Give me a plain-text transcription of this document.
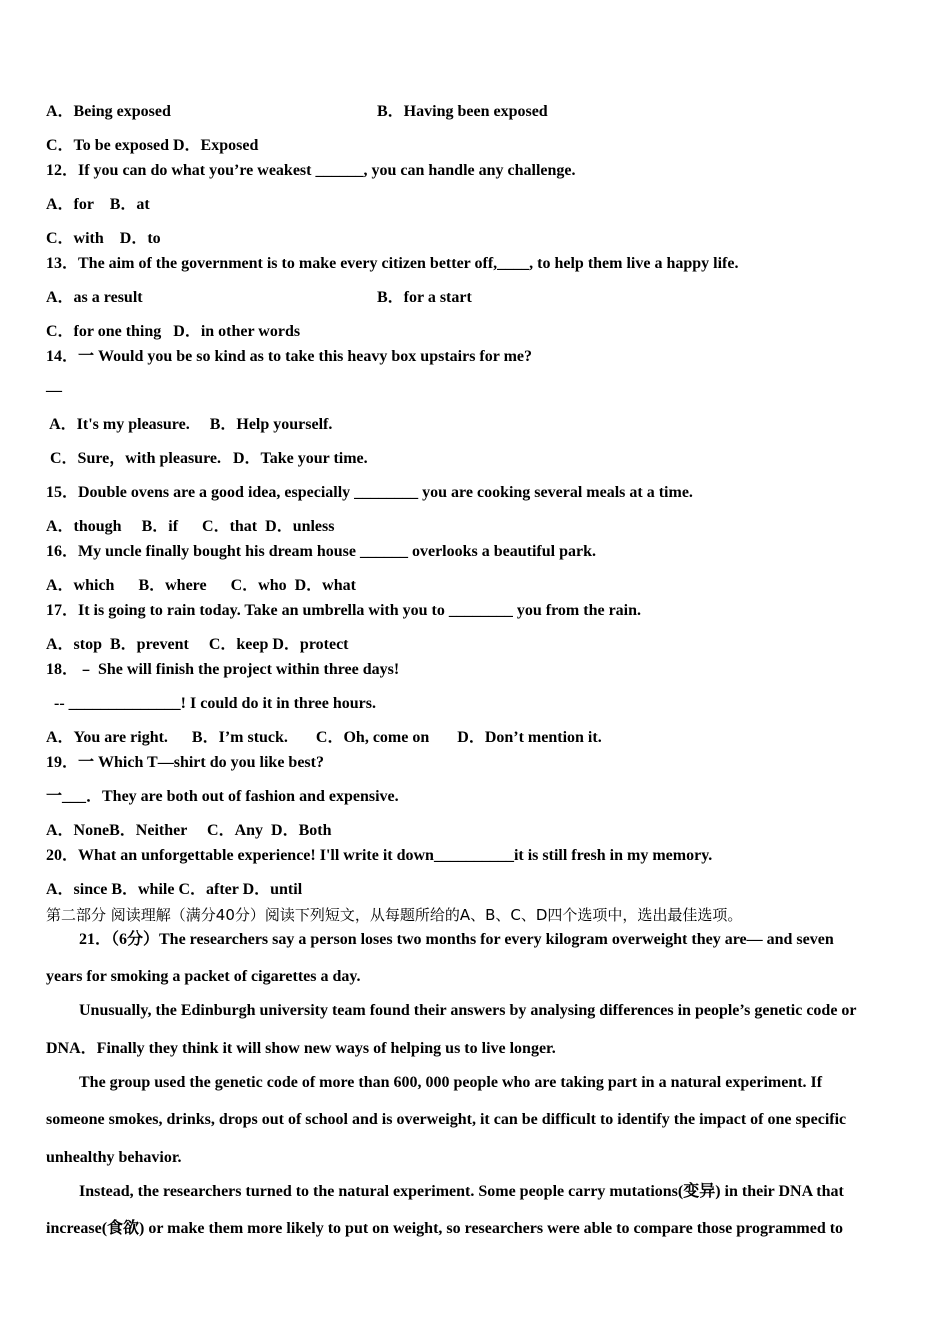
A．Being exposed	B．Having been exposed
C．To be exposed D．Exposed
12．If you can do what you’re weakest ______, you can handle any challenge.
A．for    B．at
C．with    D．to
13．The aim of the government is to make every citizen better off,____, to help them live a happy life.
A．as a result	B．for a start
C．for one thing   D．in other words
14．一 Would you be so kind as to take this heavy box upstairs for me?
—
A．It's my pleasure.     B．Help yourself.
C．Sure，with pleasure.   D．Take your time.
15．Double ovens are a good idea, especially ________ you are cooking several meals at a time.
A．though     B．if      C．that  D．unless
16．My uncle finally bought his dream house ______ overlooks a beautiful park.
A．which      B．where      C．who  D．what
17．It is going to rain today. Take an umbrella with you to ________ you from the rain.
A．stop  B．prevent     C．keep D．protect
18．﹣ She will finish the project within three days!
-- ______________! I could do it in three hours.
A．You are right.      B．I’m stuck.       C．Oh, come on       D．Don’t mention it.
19．一 Which T—shirt do you like best?
一___．They are both out of fashion and expensive.
A．NoneB．Neither     C．Any  D．Both
20．What an unforgettable experience! I'll write it down__________it is still fresh in my memory.
A．since B．while C．after D．until
第二部分 阅读理解（满分40分）阅读下列短文，从每题所给的A、B、C、D四个选项中，选出最佳选项。
21．（6分）The researchers say a person loses two months for every kilogram overweight they are— and seven
years for smoking a packet of cigarettes a day.
Unusually, the Edinburgh university team found their answers by analysing differences in people’s genetic code or
DNA．Finally they think it will show new ways of helping us to live longer.
The group used the genetic code of more than 600, 000 people who are taking part in a natural experiment. If
someone smokes, drinks, drops out of school and is overweight, it can be difficult to identify the impact of one specific
unhealthy behavior.
Instead, the researchers turned to the natural experiment. Some people carry mutations(变异) in their DNA that
increase(食欲) or make them more likely to put on weight, so researchers were able to compare those programmed to
